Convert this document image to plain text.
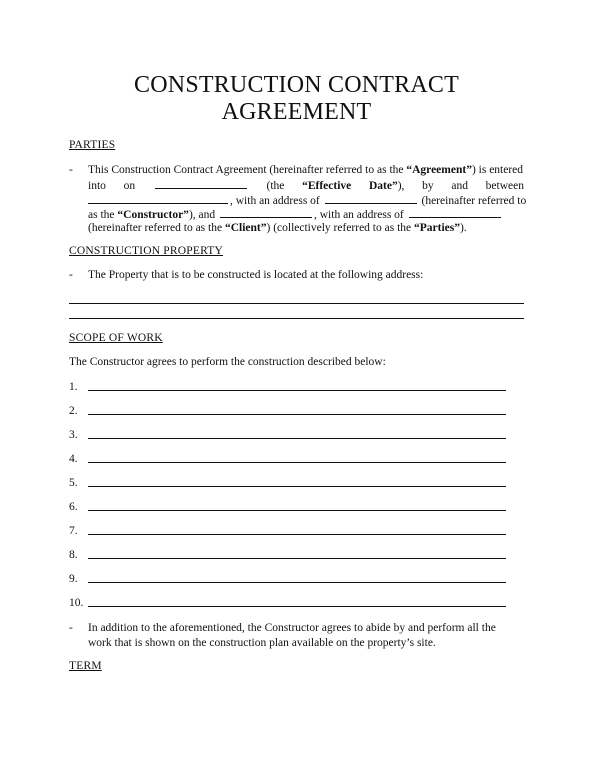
CONSTRUCTION CONTRACT
AGREEMENT
PARTIES
- This Construction Contract Agreement (hereinafter referred to as the “Agreement”) is entered
into on	(the “Effective Date”), by and between
, with an address of	(hereinafter referred to
as the “Constructor”), and	, with an address of
(hereinafter referred to as the “Client”) (collectively referred to as the “Parties”).
CONSTRUCTION PROPERTY
- The Property that is to be constructed is located at the following address:
SCOPE OF WORK
The Constructor agrees to perform the construction described below:
1.
2.
3.
4.
5.
6.
7.
8.
9.
10.
- In addition to the aforementioned, the Constructor agrees to abide by and perform all the
work that is shown on the construction plan available on the property’s site.
TERM
